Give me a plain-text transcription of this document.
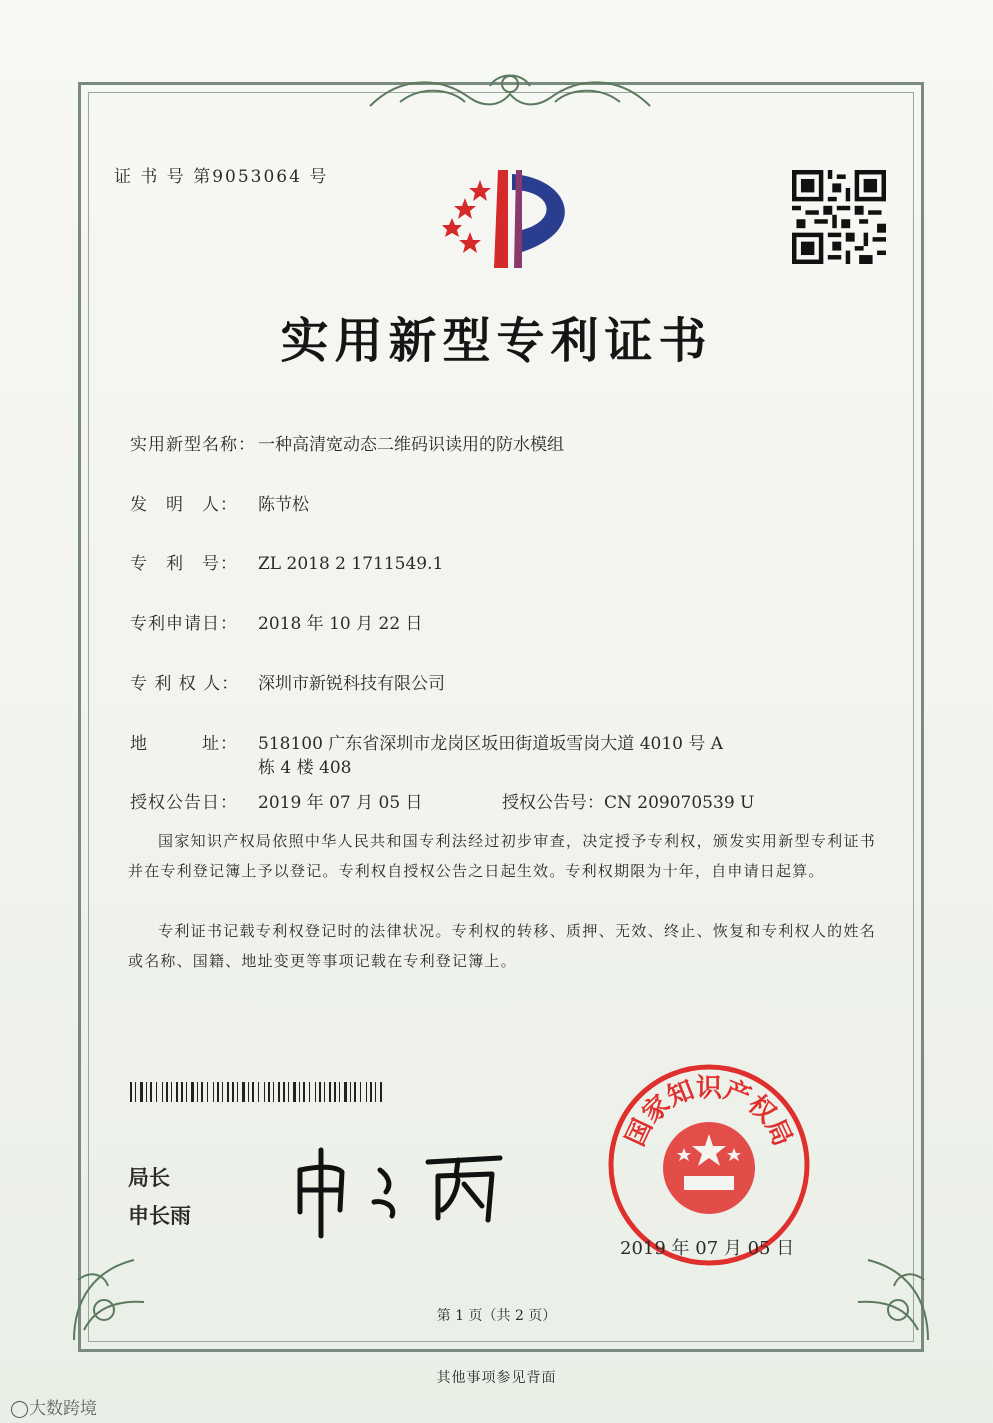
证 书 号 第9053064 号
实用新型专利证书
实用新型名称： 一种高清宽动态二维码识读用的防水模组
发　明　人： 陈节松
专　利　号： ZL 2018 2 1711549.1
专利申请日： 2018 年 10 月 22 日
专 利 权 人： 深圳市新锐科技有限公司
地　　　址： 518100 广东省深圳市龙岗区坂田街道坂雪岗大道 4010 号 A
栋 4 楼 408
授权公告日： 2019 年 07 月 05 日	授权公告号：CN 209070539 U
国家知识产权局依照中华人民共和国专利法经过初步审查，决定授予专利权，颁发实用新型专利证书并在专利登记簿上予以登记。专利权自授权公告之日起生效。专利权期限为十年，自申请日起算。
专利证书记载专利权登记时的法律状况。专利权的转移、质押、无效、终止、恢复和专利权人的姓名或名称、国籍、地址变更等事项记载在专利登记簿上。
局长
申长雨
国
家
知
识
产
权
局
2019 年 07 月 05 日
第 1 页（共 2 页）
其他事项参见背面
◯大数跨境
